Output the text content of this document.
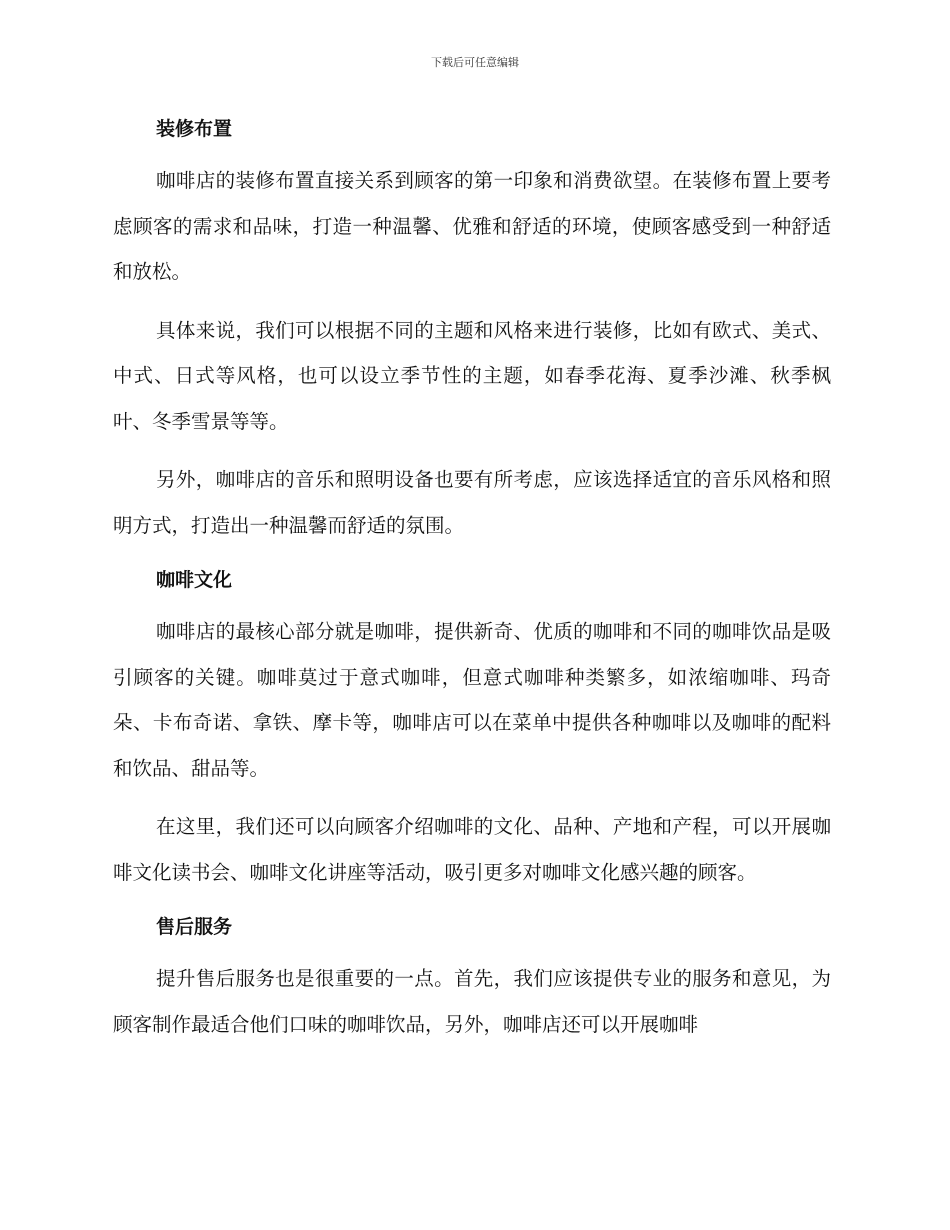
下载后可任意编辑
装修布置

咖啡店的装修布置直接关系到顾客的第一印象和消费欲望。在装修布置上要考虑顾客的需求和品味，打造一种温馨、优雅和舒适的环境，使顾客感受到一种舒适和放松。

具体来说，我们可以根据不同的主题和风格来进行装修，比如有欧式、美式、中式、日式等风格，也可以设立季节性的主题，如春季花海、夏季沙滩、秋季枫叶、冬季雪景等等。

另外，咖啡店的音乐和照明设备也要有所考虑，应该选择适宜的音乐风格和照明方式，打造出一种温馨而舒适的氛围。

咖啡文化

咖啡店的最核心部分就是咖啡，提供新奇、优质的咖啡和不同的咖啡饮品是吸引顾客的关键。咖啡莫过于意式咖啡，但意式咖啡种类繁多，如浓缩咖啡、玛奇朵、卡布奇诺、拿铁、摩卡等，咖啡店可以在菜单中提供各种咖啡以及咖啡的配料和饮品、甜品等。

在这里，我们还可以向顾客介绍咖啡的文化、品种、产地和产程，可以开展咖啡文化读书会、咖啡文化讲座等活动，吸引更多对咖啡文化感兴趣的顾客。

售后服务

提升售后服务也是很重要的一点。首先，我们应该提供专业的服务和意见，为顾客制作最适合他们口味的咖啡饮品，另外，咖啡店还可以开展咖啡
